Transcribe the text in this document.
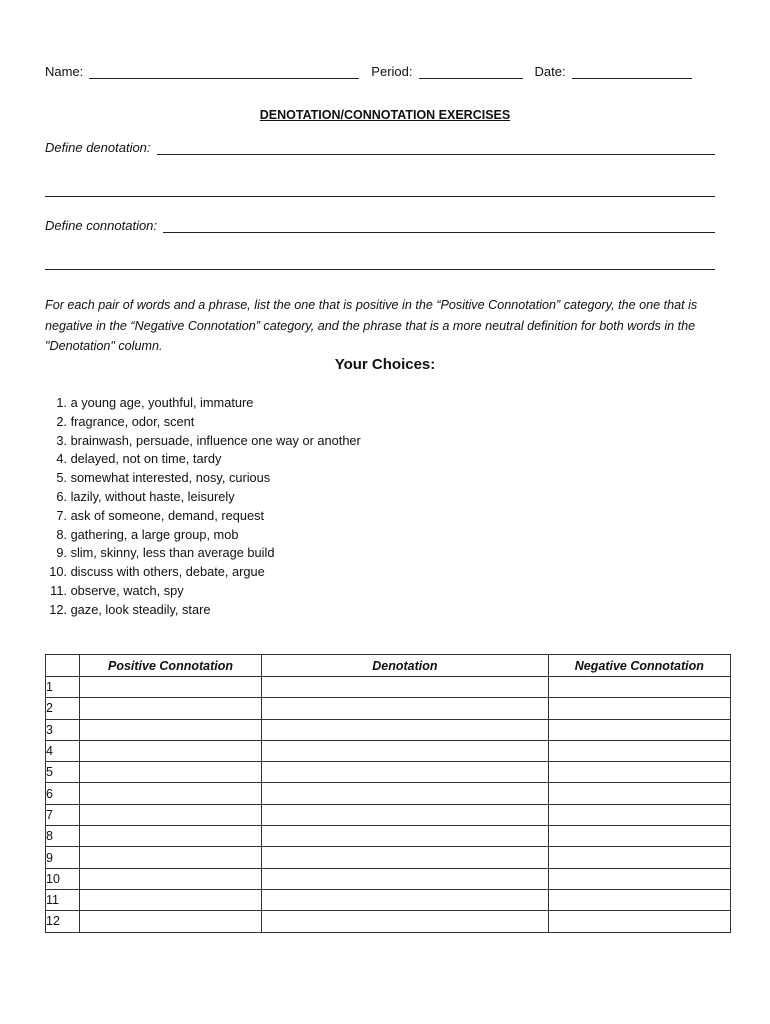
Name:	Period:	Date:
DENOTATION/CONNOTATION EXERCISES
Define denotation:
Define connotation:
For each pair of words and a phrase, list the one that is positive in the “Positive Connotation” category, the one that is negative in the “Negative Connotation” category, and the phrase that is a more neutral definition for both words in the "Denotation" column.
Your Choices:
1.
a young age, youthful, immature
2.
fragrance, odor, scent
3.
brainwash, persuade, influence one way or another
4.
delayed, not on time, tardy
5.
somewhat interested, nosy, curious
6.
lazily, without haste, leisurely
7.
ask of someone, demand, request
8.
gathering, a large group, mob
9.
slim, skinny, less than average build
10.
discuss with others, debate, argue
11.
observe, watch, spy
12.
gaze, look steadily, stare
	Positive Connotation	Denotation	Negative Connotation
1			
2			
3			
4			
5			
6			
7			
8			
9			
10			
11			
12			
